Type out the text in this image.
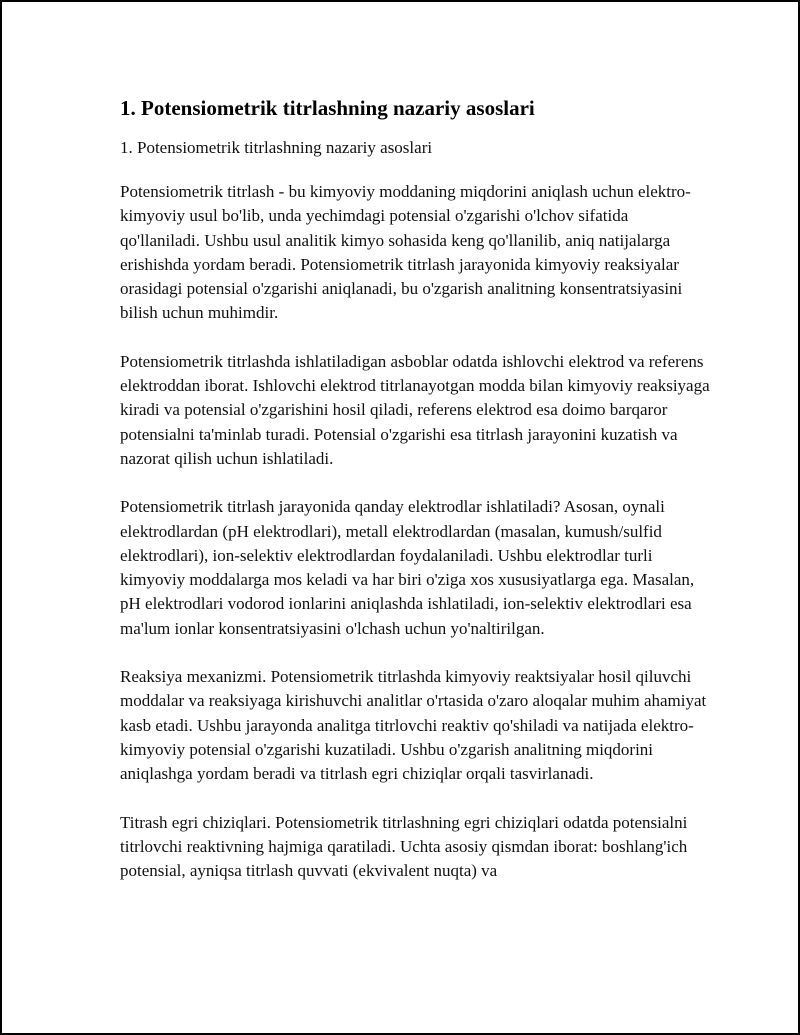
1. Potensiometrik titrlashning nazariy asoslari

1. Potensiometrik titrlashning nazariy asoslari

Potensiometrik titrlash - bu kimyoviy moddaning miqdorini aniqlash uchun elektro-kimyoviy usul bo'lib, unda yechimdagi potensial o'zgarishi o'lchov sifatida qo'llaniladi. Ushbu usul analitik kimyo sohasida keng qo'llanilib, aniq natijalarga erishishda yordam beradi. Potensiometrik titrlash jarayonida kimyoviy reaksiyalar orasidagi potensial o'zgarishi aniqlanadi, bu o'zgarish analitning konsentratsiyasini bilish uchun muhimdir.

Potensiometrik titrlashda ishlatiladigan asboblar odatda ishlovchi elektrod va referens elektroddan iborat. Ishlovchi elektrod titrlanayotgan modda bilan kimyoviy reaksiyaga kiradi va potensial o'zgarishini hosil qiladi, referens elektrod esa doimo barqaror potensialni ta'minlab turadi. Potensial o'zgarishi esa titrlash jarayonini kuzatish va nazorat qilish uchun ishlatiladi.

Potensiometrik titrlash jarayonida qanday elektrodlar ishlatiladi? Asosan, oynali elektrodlardan (pH elektrodlari), metall elektrodlardan (masalan, kumush/sulfid elektrodlari), ion-selektiv elektrodlardan foydalaniladi. Ushbu elektrodlar turli kimyoviy moddalarga mos keladi va har biri o'ziga xos xususiyatlarga ega. Masalan, pH elektrodlari vodorod ionlarini aniqlashda ishlatiladi, ion-selektiv elektrodlari esa ma'lum ionlar konsentratsiyasini o'lchash uchun yo'naltirilgan.

Reaksiya mexanizmi. Potensiometrik titrlashda kimyoviy reaktsiyalar hosil qiluvchi moddalar va reaksiyaga kirishuvchi analitlar o'rtasida o'zaro aloqalar muhim ahamiyat kasb etadi. Ushbu jarayonda analitga titrlovchi reaktiv qo'shiladi va natijada elektro-kimyoviy potensial o'zgarishi kuzatiladi. Ushbu o'zgarish analitning miqdorini aniqlashga yordam beradi va titrlash egri chiziqlar orqali tasvirlanadi.

Titrash egri chiziqlari. Potensiometrik titrlashning egri chiziqlari odatda potensialni titrlovchi reaktivning hajmiga qaratiladi. Uchta asosiy qismdan iborat: boshlang'ich potensial, ayniqsa titrlash quvvati (ekvivalent nuqta) va
